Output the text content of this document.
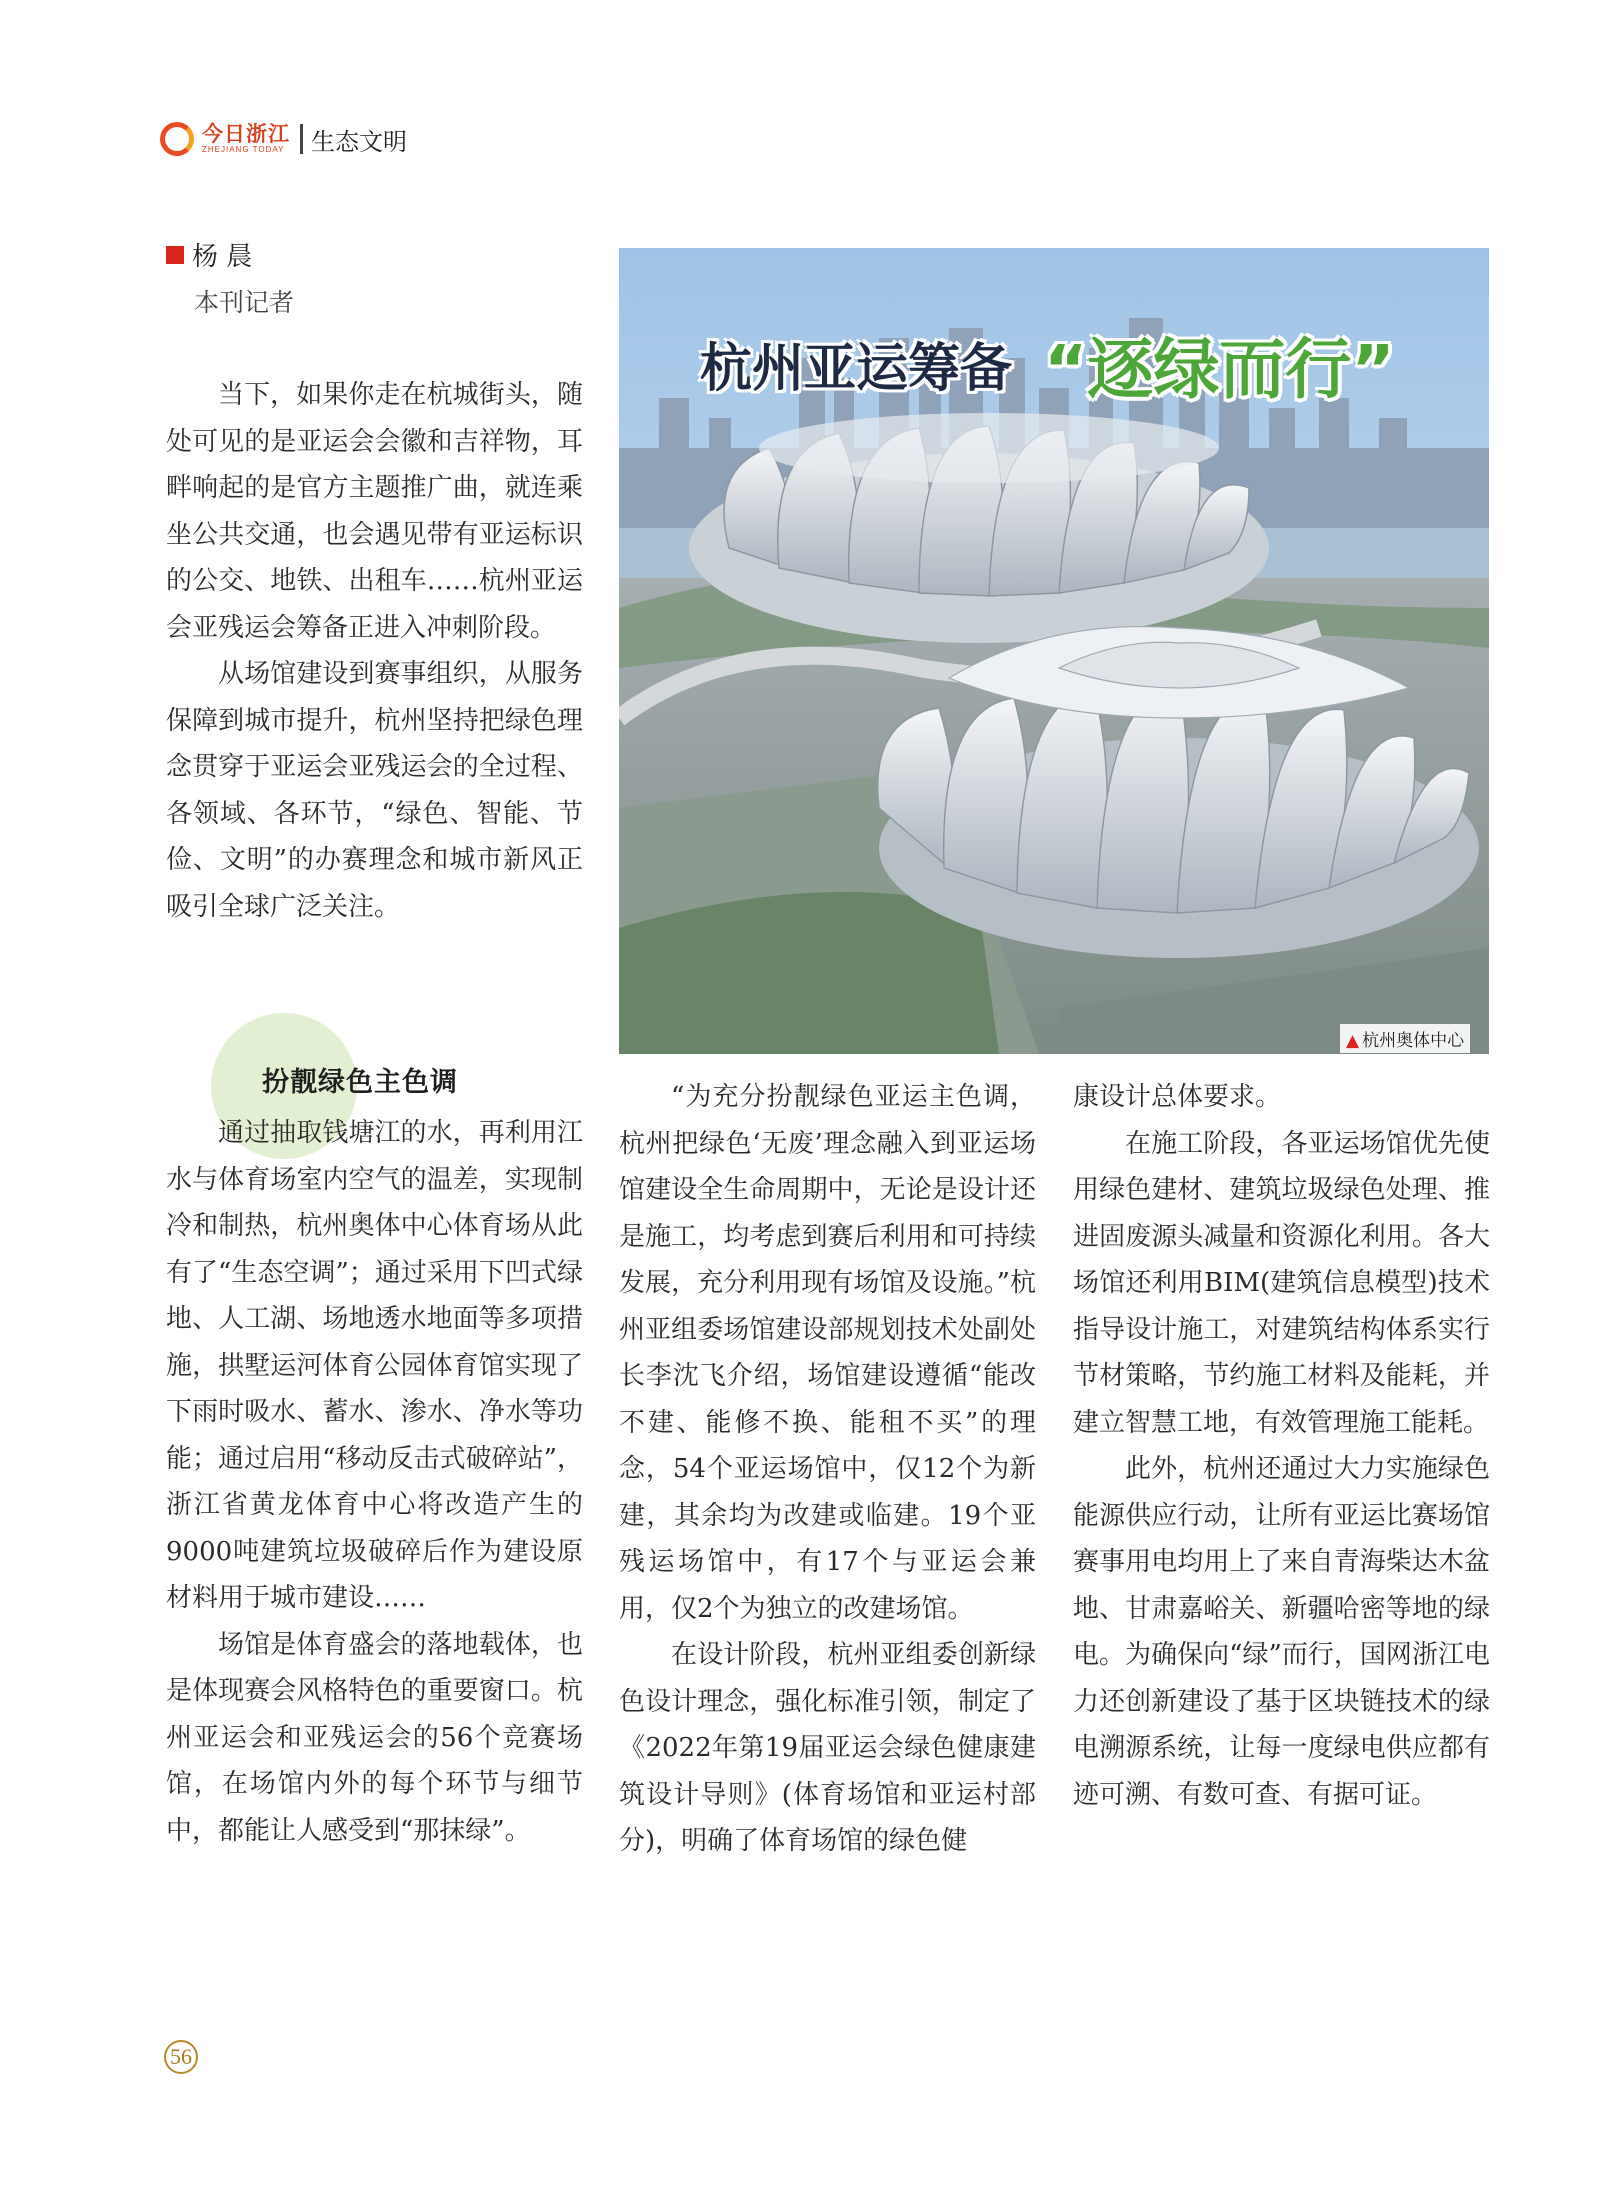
今日浙江
ZHEJIANG TODAY 生态文明
杨 晨
本刊记者

当下，如果你走在杭城街头，随处可见的是亚运会会徽和吉祥物，耳畔响起的是官方主题推广曲，就连乘坐公共交通，也会遇见带有亚运标识的公交、地铁、出租车……杭州亚运会亚残运会筹备正进入冲刺阶段。

从场馆建设到赛事组织，从服务保障到城市提升，杭州坚持把绿色理念贯穿于亚运会亚残运会的全过程、各领域、各环节，“绿色、智能、节俭、文明”的办赛理念和城市新风正吸引全球广泛关注。

扮靓绿色主色调

通过抽取钱塘江的水，再利用江水与体育场室内空气的温差，实现制冷和制热，杭州奥体中心体育场从此有了“生态空调”；通过采用下凹式绿地、人工湖、场地透水地面等多项措施，拱墅运河体育公园体育馆实现了下雨时吸水、蓄水、渗水、净水等功能；通过启用“移动反击式破碎站”，浙江省黄龙体育中心将改造产生的9000吨建筑垃圾破碎后作为建设原材料用于城市建设……

场馆是体育盛会的落地载体，也是体现赛会风格特色的重要窗口。杭州亚运会和亚残运会的56个竞赛场馆，在场馆内外的每个环节与细节中，都能让人感受到“那抹绿”。

杭州亚运筹备 “逐绿而行”
▲ 杭州奥体中心

“为充分扮靓绿色亚运主色调，杭州把绿色‘无废’理念融入到亚运场馆建设全生命周期中，无论是设计还是施工，均考虑到赛后利用和可持续发展，充分利用现有场馆及设施。”杭州亚组委场馆建设部规划技术处副处长李沈飞介绍，场馆建设遵循“能改不建、能修不换、能租不买”的理念，54个亚运场馆中，仅12个为新建，其余均为改建或临建。19个亚残运场馆中，有17个与亚运会兼用，仅2个为独立的改建场馆。

在设计阶段，杭州亚组委创新绿色设计理念，强化标准引领，制定了《2022年第19届亚运会绿色健康建筑设计导则》(体育场馆和亚运村部分)，明确了体育场馆的绿色健

康设计总体要求。

在施工阶段，各亚运场馆优先使用绿色建材、建筑垃圾绿色处理、推进固废源头减量和资源化利用。各大场馆还利用BIM(建筑信息模型)技术指导设计施工，对建筑结构体系实行节材策略，节约施工材料及能耗，并建立智慧工地，有效管理施工能耗。

此外，杭州还通过大力实施绿色能源供应行动，让所有亚运比赛场馆赛事用电均用上了来自青海柴达木盆地、甘肃嘉峪关、新疆哈密等地的绿电。为确保向“绿”而行，国网浙江电力还创新建设了基于区块链技术的绿电溯源系统，让每一度绿电供应都有迹可溯、有数可查、有据可证。

56
